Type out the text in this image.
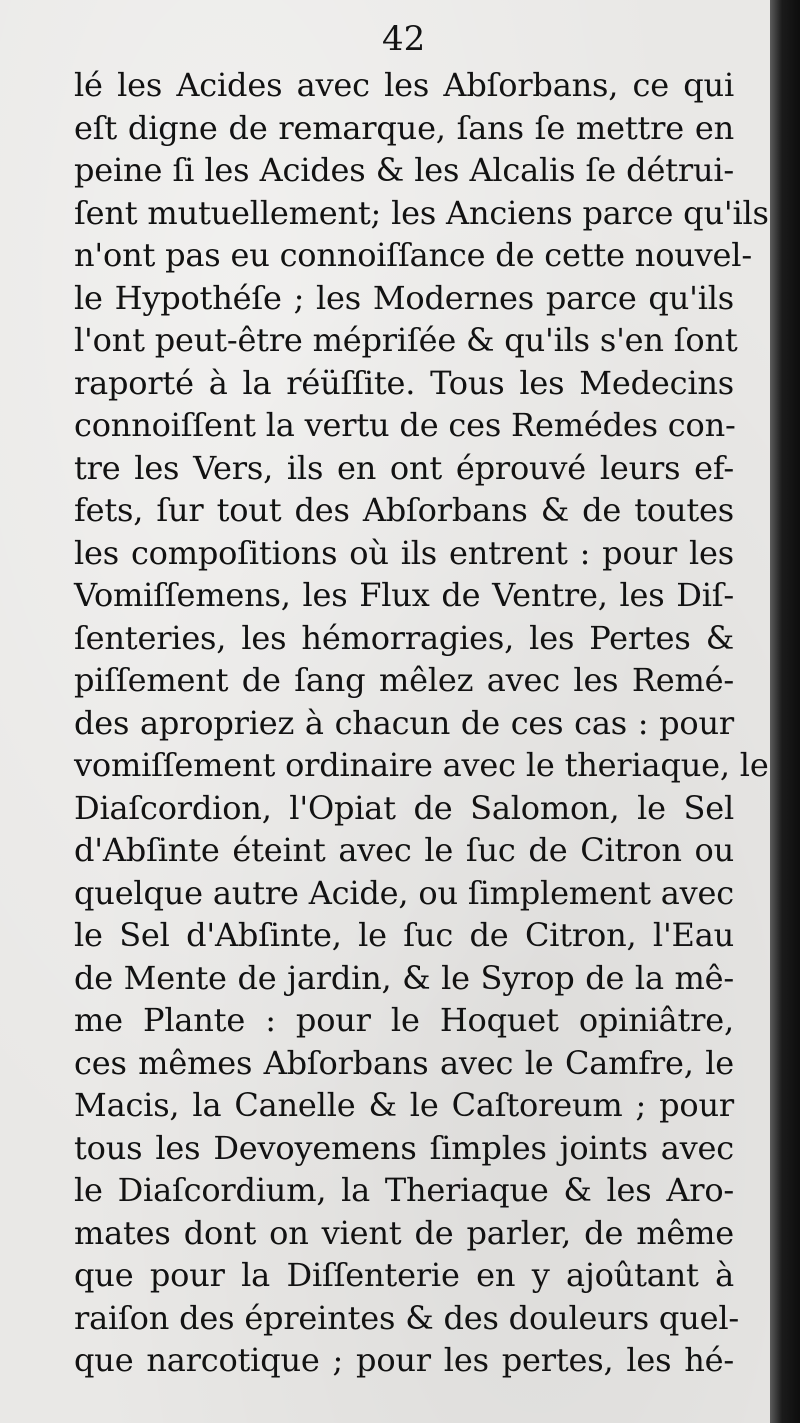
42
lé les Acides avec les Abſorbans, ce qui
eſt digne de remarque, ſans ſe mettre en
peine ſi les Acides & les Alcalis ſe détrui-
ſent mutuellement; les Anciens parce qu'ils
n'ont pas eu connoiſſance de cette nouvel-
le Hypothéſe ; les Modernes parce qu'ils
l'ont peut-être mépriſée & qu'ils s'en ſont
raporté à la réüſſite. Tous les Medecins
connoiſſent la vertu de ces Remédes con-
tre les Vers, ils en ont éprouvé leurs ef-
fets, ſur tout des Abſorbans & de toutes
les compoſitions où ils entrent : pour les
Vomiſſemens, les Flux de Ventre, les Diſ-
ſenteries, les hémorragies, les Pertes &
piſſement de ſang mêlez avec les Remé-
des apropriez à chacun de ces cas : pour
vomiſſement ordinaire avec le theriaque, le
Diaſcordion, l'Opiat de Salomon, le Sel
d'Abſinte éteint avec le ſuc de Citron ou
quelque autre Acide, ou ſimplement avec
le Sel d'Abſinte, le ſuc de Citron, l'Eau
de Mente de jardin, & le Syrop de la mê-
me Plante : pour le Hoquet opiniâtre,
ces mêmes Abſorbans avec le Camfre, le
Macis, la Canelle & le Caſtoreum ; pour
tous les Devoyemens ſimples joints avec
le Diaſcordium, la Theriaque & les Aro-
mates dont on vient de parler, de même
que pour la Diſſenterie en y ajoûtant à
raiſon des épreintes & des douleurs quel-
que narcotique ; pour les pertes, les hé-
